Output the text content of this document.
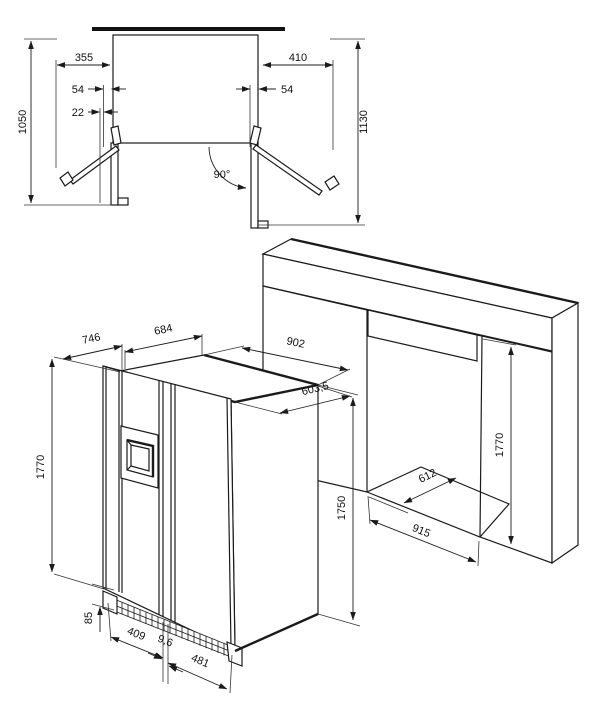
90°
355	410
54
22
54
1050	1130
1770
746
684
902
603,5
1750
1770
612
915
85
409 9,6
481
